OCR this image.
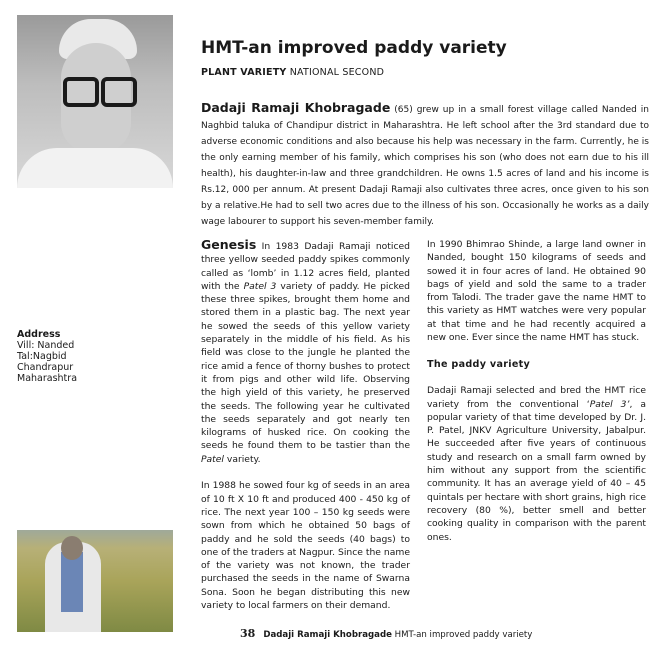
HMT-an improved paddy variety
PLANT VARIETY NATIONAL SECOND

Dadaji Ramaji Khobragade (65) grew up in a small forest village called Nanded in Naghbid taluka of Chandipur district in Maharashtra. He left school after the 3rd standard due to adverse economic conditions and also because his help was necessary in the farm. Currently, he is the only earning member of his family, which comprises his son (who does not earn due to his ill health), his daughter-in-law and three grandchildren. He owns 1.5 acres of land and his income is Rs.12, 000 per annum. At present Dadaji Ramaji also cultivates three acres, once given to his son by a relative.He had to sell two acres due to the illness of his son. Occasionally he works as a daily wage labourer to support his seven-member family.

Address
Vill: Nanded
Tal:Nagbid
Chandrapur
Maharashtra

Genesis In 1983 Dadaji Ramaji noticed three yellow seeded paddy spikes commonly called as ‘lomb’ in 1.12 acres field, planted with the Patel 3 variety of paddy. He picked these three spikes, brought them home and stored them in a plastic bag. The next year he sowed the seeds of this yellow variety separately in the middle of his field. As his field was close to the jungle he planted the rice amid a fence of thorny bushes to protect it from pigs and other wild life. Observing the high yield of this variety, he preserved the seeds. The following year he cultivated the seeds separately and got nearly ten kilograms of husked rice. On cooking the seeds he found them to be tastier than the Patel variety.

In 1988 he sowed four kg of seeds in an area of 10 ft X 10 ft and produced 400 - 450 kg of rice. The next year 100 – 150 kg seeds were sown from which he obtained 50 bags of paddy and he sold the seeds (40 bags) to one of the traders at Nagpur. Since the name of the variety was not known, the trader purchased the seeds in the name of Swarna Sona. Soon he began distributing this new variety to local farmers on their demand.

In 1990 Bhimrao Shinde, a large land owner in Nanded, bought 150 kilograms of seeds and sowed it in four acres of land. He obtained 90 bags of yield and sold the same to a trader from Talodi. The trader gave the name HMT to this variety as HMT watches were very popular at that time and he had recently acquired a new one. Ever since the name HMT has stuck.

The paddy variety

Dadaji Ramaji selected and bred the HMT rice variety from the conventional ‘Patel 3’, a popular variety of that time developed by Dr. J. P. Patel, JNKV Agriculture University, Jabalpur. He succeeded after five years of continuous study and research on a small farm owned by him without any support from the scientific community. It has an average yield of 40 – 45 quintals per hectare with short grains, high rice recovery (80 %), better smell and better cooking quality in comparison with the parent ones.

38 Dadaji Ramaji Khobragade HMT-an improved paddy variety
